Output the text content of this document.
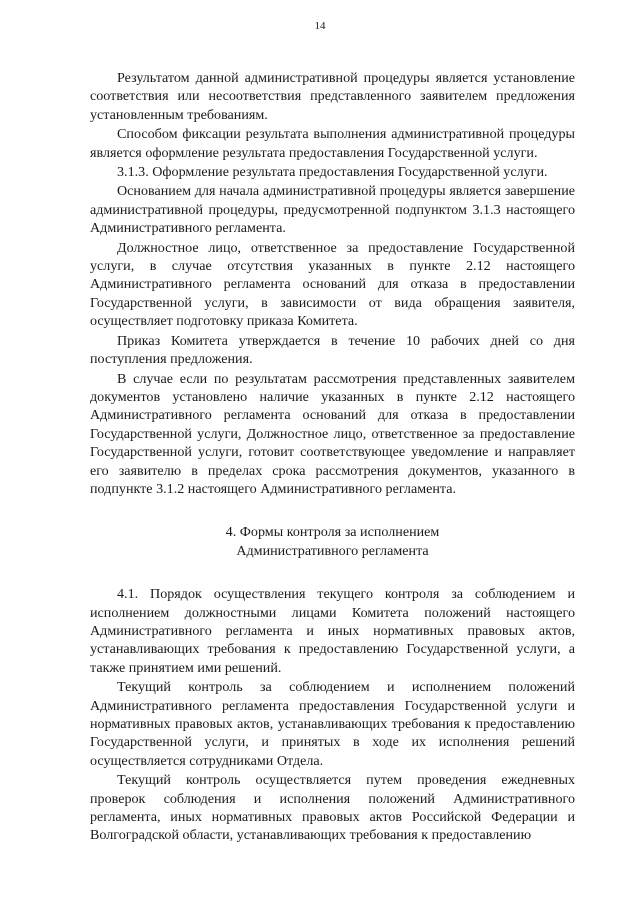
14

Результатом данной административной процедуры является установление соответствия или несоответствия представленного заявителем предложения установленным требованиям.

Способом фиксации результата выполнения административной процедуры является оформление результата предоставления Государственной услуги.

3.1.3. Оформление результата предоставления Государственной услуги.

Основанием для начала административной процедуры является завершение административной процедуры, предусмотренной подпунктом 3.1.3 настоящего Административного регламента.

Должностное лицо, ответственное за предоставление Государственной услуги, в случае отсутствия указанных в пункте 2.12 настоящего Административного регламента оснований для отказа в предоставлении Государственной услуги, в зависимости от вида обращения заявителя, осуществляет подготовку приказа Комитета.

Приказ Комитета утверждается в течение 10 рабочих дней со дня поступления предложения.

В случае если по результатам рассмотрения представленных заявителем документов установлено наличие указанных в пункте 2.12 настоящего Административного регламента оснований для отказа в предоставлении Государственной услуги, Должностное лицо, ответственное за предоставление Государственной услуги, готовит соответствующее уведомление и направляет его заявителю в пределах срока рассмотрения документов, указанного в подпункте 3.1.2 настоящего Административного регламента.

4. Формы контроля за исполнением
Административного регламента

4.1. Порядок осуществления текущего контроля за соблюдением и исполнением должностными лицами Комитета положений настоящего Административного регламента и иных нормативных правовых актов, устанавливающих требования к предоставлению Государственной услуги, а также принятием ими решений.

Текущий контроль за соблюдением и исполнением положений Административного регламента предоставления Государственной услуги и нормативных правовых актов, устанавливающих требования к предоставлению Государственной услуги, и принятых в ходе их исполнения решений осуществляется сотрудниками Отдела.

Текущий контроль осуществляется путем проведения ежедневных проверок соблюдения и исполнения положений Административного регламента, иных нормативных правовых актов Российской Федерации и Волгоградской области, устанавливающих требования к предоставлению
